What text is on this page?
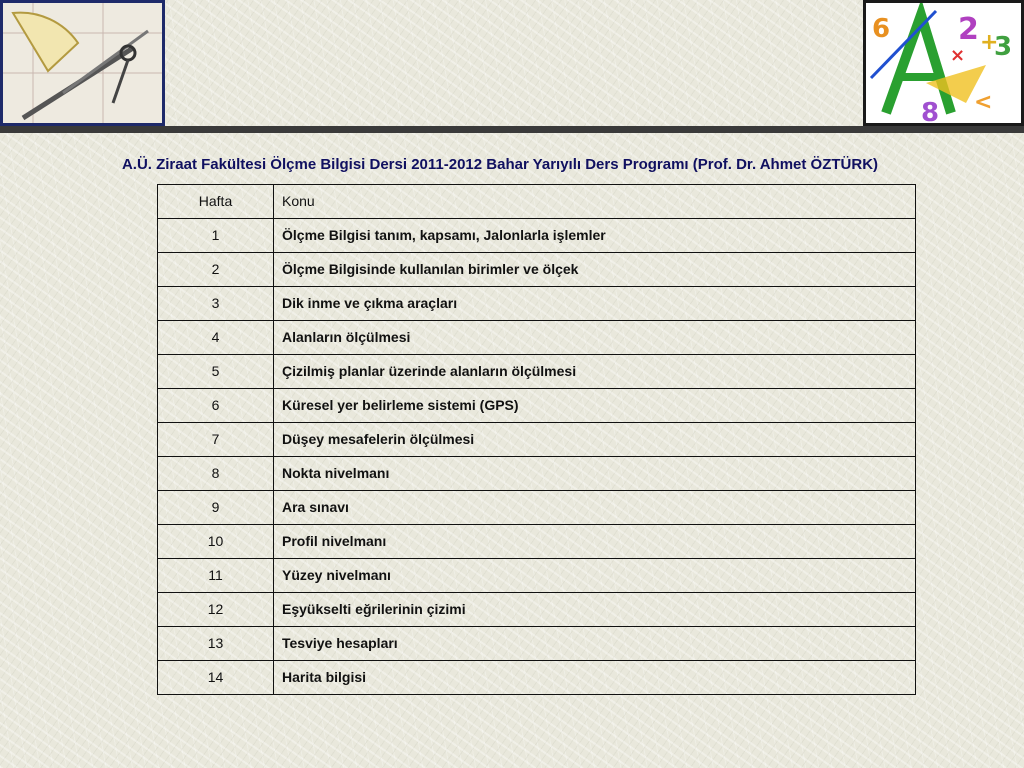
6 2 +
3
×
8 <
A.Ü. Ziraat Fakültesi Ölçme Bilgisi Dersi 2011-2012 Bahar Yarıyılı Ders Programı (Prof. Dr. Ahmet ÖZTÜRK)
Hafta	Konu
1	Ölçme Bilgisi tanım, kapsamı, Jalonlarla işlemler
2	Ölçme Bilgisinde kullanılan birimler ve ölçek
3	Dik inme ve çıkma araçları
4	Alanların ölçülmesi
5	Çizilmiş planlar üzerinde alanların ölçülmesi
6	Küresel yer belirleme sistemi (GPS)
7	Düşey mesafelerin ölçülmesi
8	Nokta nivelmanı
9	Ara sınavı
10	Profil nivelmanı
11	Yüzey nivelmanı
12	Eşyükselti eğrilerinin çizimi
13	Tesviye hesapları
14	Harita bilgisi
